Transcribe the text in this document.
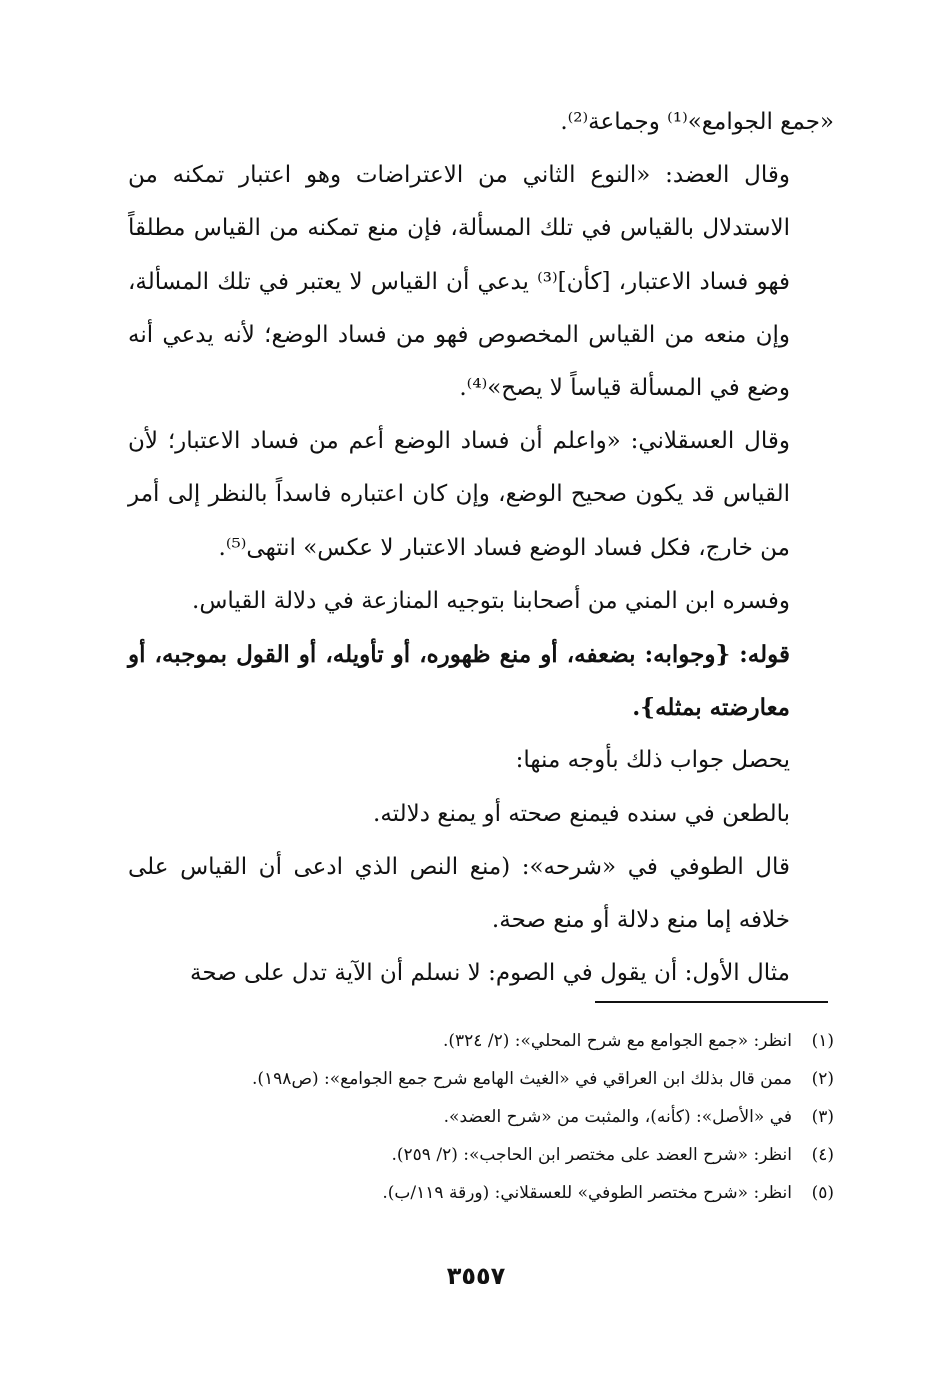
«جمع الجوامع»⁽¹⁾ وجماعة⁽²⁾.

وقال العضد: «النوع الثاني من الاعتراضات وهو اعتبار تمكنه من الاستدلال بالقياس في تلك المسألة، فإن منع تمكنه من القياس مطلقاً فهو فساد الاعتبار، [كأن]⁽³⁾ يدعي أن القياس لا يعتبر في تلك المسألة، وإن منعه من القياس المخصوص فهو من فساد الوضع؛ لأنه يدعي أنه وضع في المسألة قياساً لا يصح»⁽⁴⁾.

وقال العسقلاني: «واعلم أن فساد الوضع أعم من فساد الاعتبار؛ لأن القياس قد يكون صحيح الوضع، وإن كان اعتباره فاسداً بالنظر إلى أمر من خارج، فكل فساد الوضع فساد الاعتبار لا عكس» انتهى⁽⁵⁾.

وفسره ابن المني من أصحابنا بتوجيه المنازعة في دلالة القياس.

قوله: {وجوابه: بضعفه، أو منع ظهوره، أو تأويله، أو القول بموجبه، أو معارضته بمثله}.

يحصل جواب ذلك بأوجه منها:

بالطعن في سنده فيمنع صحته أو يمنع دلالته.

قال الطوفي في «شرحه»: (منع النص الذي ادعى أن القياس على خلافه إما منع دلالة أو منع صحة.

مثال الأول: أن يقول في الصوم: لا نسلم أن الآية تدل على صحة

(١)انظر: «جمع الجوامع مع شرح المحلي»: (٢/ ٣٢٤).
(٢)ممن قال بذلك ابن العراقي في «الغيث الهامع شرح جمع الجوامع»: (ص١٩٨).
(٣)في «الأصل»: (كأنه)، والمثبت من «شرح العضد».
(٤)انظر: «شرح العضد على مختصر ابن الحاجب»: (٢/ ٢٥٩).
(٥)انظر: «شرح مختصر الطوفي» للعسقلاني: (ورقة ١١٩/ب).
٣٥٥٧
